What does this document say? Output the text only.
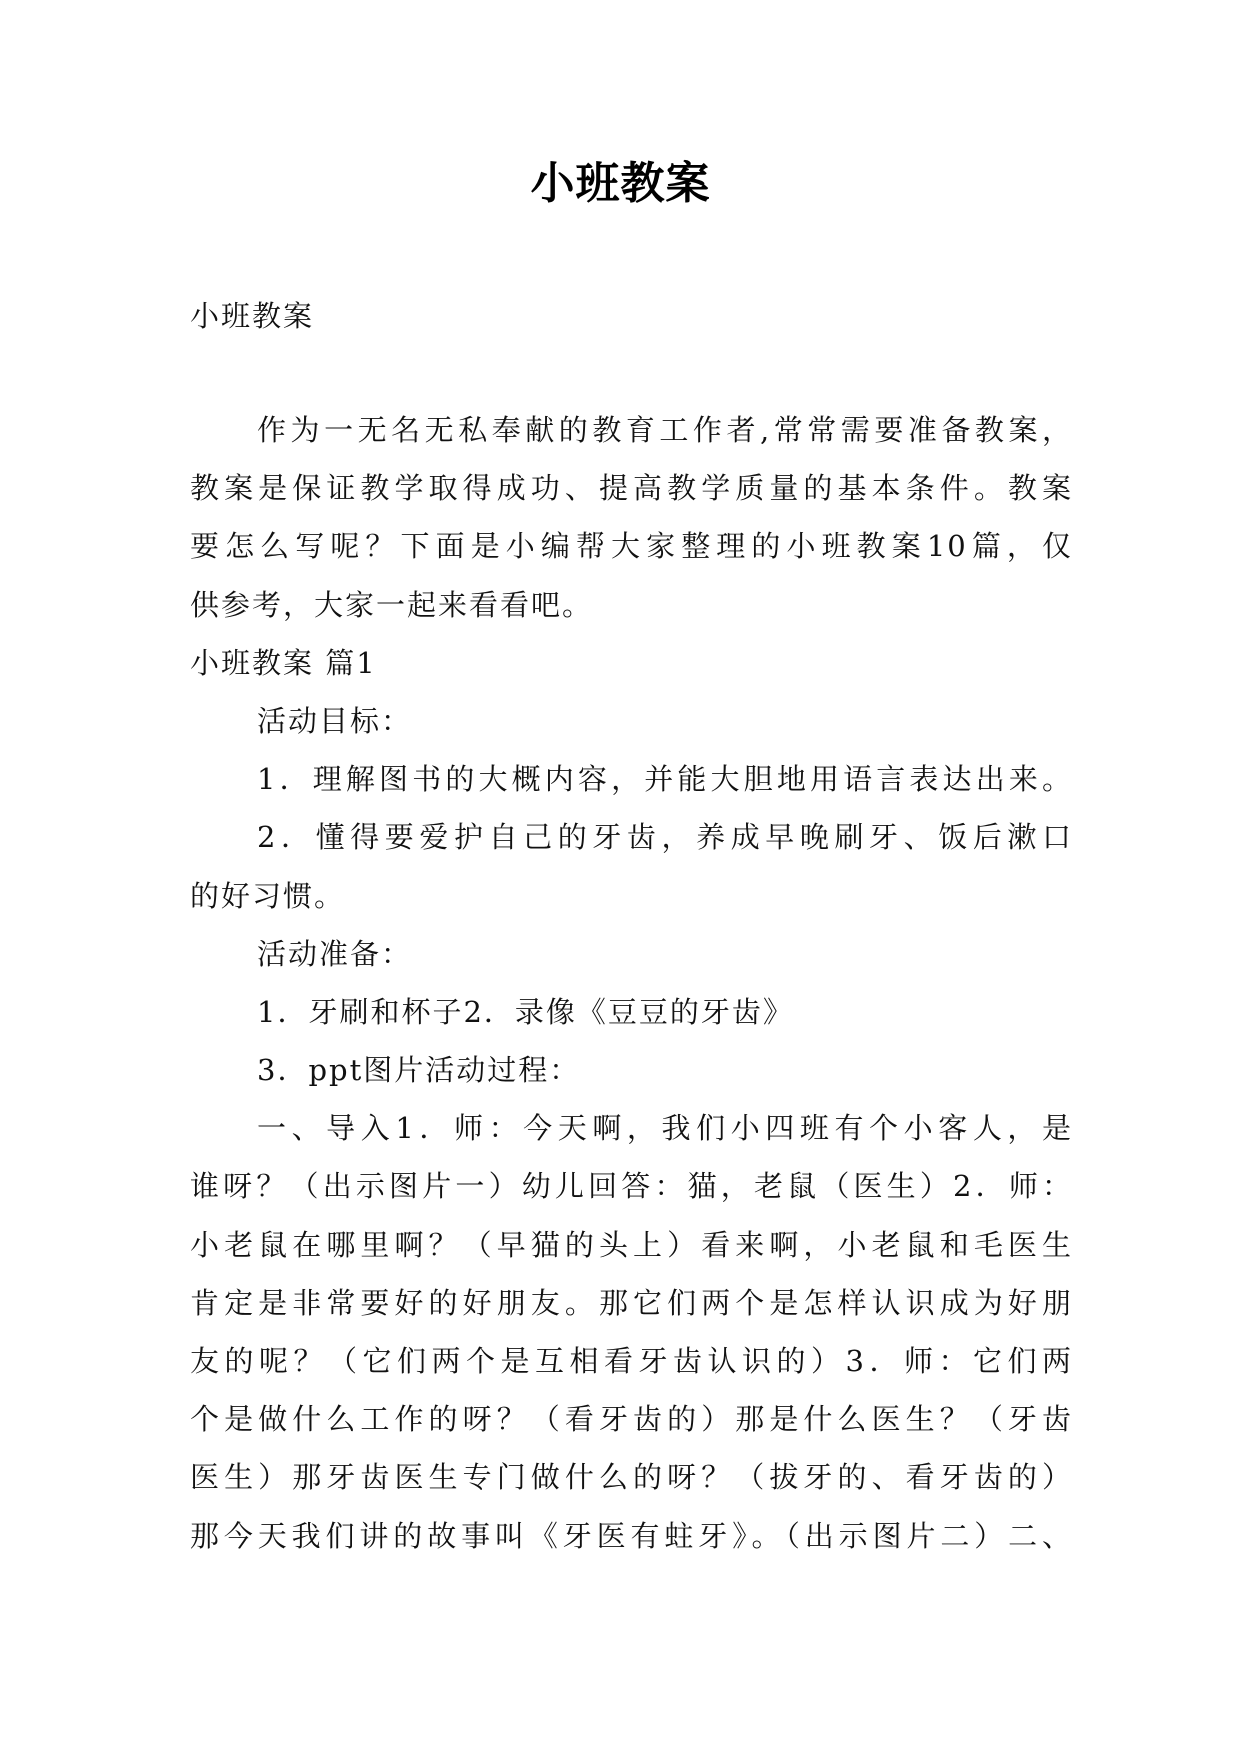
小班教案
小班教案
作为一无名无私奉献的教育工作者,常常需要准备教案，
教案是保证教学取得成功、提高教学质量的基本条件。教案
要怎么写呢？下面是小编帮大家整理的小班教案10篇，仅
供参考，大家一起来看看吧。
小班教案 篇1
活动目标：
1．理解图书的大概内容，并能大胆地用语言表达出来。
2．懂得要爱护自己的牙齿，养成早晚刷牙、饭后漱口
的好习惯。
活动准备：
1．牙刷和杯子2．录像《豆豆的牙齿》
3．ppt图片活动过程：
一、导入1．师：今天啊，我们小四班有个小客人，是
谁呀？（出示图片一）幼儿回答：猫，老鼠（医生）2．师：
小老鼠在哪里啊？（早猫的头上）看来啊，小老鼠和毛医生
肯定是非常要好的好朋友。那它们两个是怎样认识成为好朋
友的呢？（它们两个是互相看牙齿认识的）3．师：它们两
个是做什么工作的呀？（看牙齿的）那是什么医生？（牙齿
医生）那牙齿医生专门做什么的呀？（拔牙的、看牙齿的）
那今天我们讲的故事叫《牙医有蛀牙》。（出示图片二）二、
